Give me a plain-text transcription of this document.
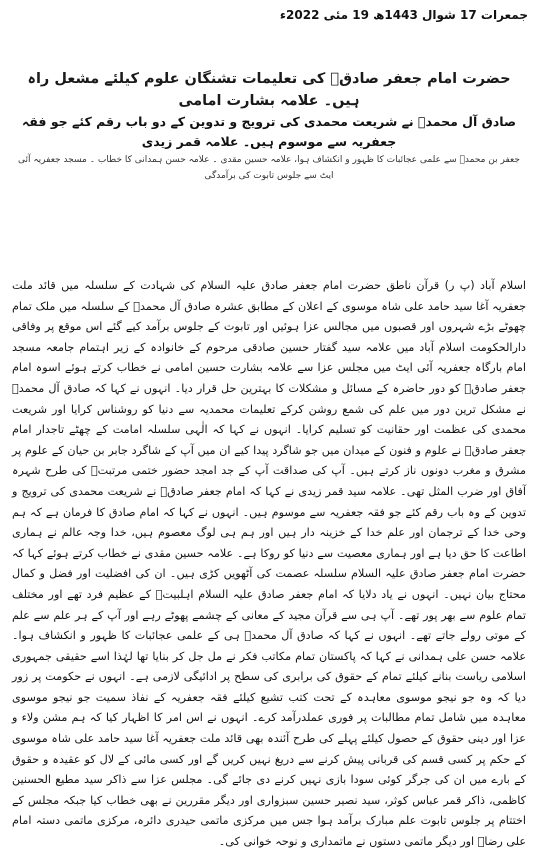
جمعرات 17 شوال 1443ھ 19 مئی 2022ء

حضرت امام جعفر صادقؑ کی تعلیمات تشنگان علوم کیلئے مشعل راہ ہیں۔ علامہ بشارت امامی

صادق آل محمدؐ نے شریعت محمدی کی ترویج و تدوین کے دو باب رقم کئے جو فقہ جعفریہ سے موسوم ہیں۔ علامہ قمر زیدی

جعفر بن محمدؑ سے علمی عجائبات کا ظہور و انکشاف ہوا، علامہ حسین مقدی ۔ علامہ حسن ہمدانی کا خطاب ۔ مسجد جعفریہ آئی ایٹ سے جلوس تابوت کی برآمدگی

اسلام آباد (پ ر) قرآن ناطق حضرت امام جعفر صادق علیہ السلام کی شہادت کے سلسلہ میں قائد ملت جعفریہ آغا سید حامد علی شاہ موسوی کے اعلان کے مطابق عشرہ صادق آل محمدؐ کے سلسلہ میں ملک تمام چھوٹے بڑے شہروں اور قصبوں میں مجالس عزا ہوئیں اور تابوت کے جلوس برآمد کیے گئے اس موقع پر وفاقی دارالحکومت اسلام آباد میں علامہ سید گفتار حسین صادقی مرحوم کے خانوادہ کے زیر اہتمام جامعہ مسجد امام بارگاہ جعفریہ آئی ایٹ میں مجلس عزا سے علامہ بشارت حسین امامی نے خطاب کرتے ہوئے اسوہ امام جعفر صادقؑ کو دور حاضرہ کے مسائل و مشکلات کا بہترین حل قرار دیا۔ انہوں نے کہا کہ صادق آل محمدؐ نے مشکل ترین دور میں علم کی شمع روشن کرکے تعلیمات محمدیہ سے دنیا کو روشناس کرایا اور شریعت محمدی کی عظمت اور حقانیت کو تسلیم کرایا۔ انہوں نے کہا کہ الٰہی سلسلہ امامت کے چھٹے تاجدار امام جعفر صادقؑ نے علوم و فنون کے میدان میں جو شاگرد پیدا کیے ان میں آپ کے شاگرد جابر بن حیان کے علوم پر مشرق و مغرب دونوں ناز کرتے ہیں۔ آپ کی صداقت آپ کے جد امجد حضور ختمی مرتبتؐ کی طرح شہرہ آفاق اور ضرب المثل تھی۔ علامہ سید قمر زیدی نے کہا کہ امام جعفر صادقؑ نے شریعت محمدی کی ترویج و تدوین کے وہ باب رقم کئے جو فقہ جعفریہ سے موسوم ہیں۔ انہوں نے کہا کہ امام صادق کا فرمان ہے کہ ہم وحی خدا کے ترجمان اور علم خدا کے خزینہ دار ہیں اور ہم ہی لوگ معصوم ہیں، خدا وجہ عالم نے ہماری اطاعت کا حق دیا ہے اور ہماری معصیت سے دنیا کو روکا ہے۔ علامہ حسین مقدی نے خطاب کرتے ہوئے کہا کہ حضرت امام جعفر صادق علیہ السلام سلسلہ عصمت کی آٹھویں کڑی ہیں۔ ان کی افضلیت اور فضل و کمال محتاج بیان نہیں۔ انہوں نے یاد دلایا کہ امام جعفر صادق علیہ السلام اہلبیتؑ کے عظیم فرد تھے اور مختلف تمام علوم سے بھر پور تھے۔ آپ ہی سے قرآن مجید کے معانی کے چشمے پھوٹے رہے اور آپ کے ہر علم سے علم کے موتی رولے جاتے تھے۔ انہوں نے کہا کہ صادق آل محمدؐ ہی کے علمی عجائبات کا ظہور و انکشاف ہوا۔ علامہ حسن علی ہمدانی نے کہا کہ پاکستان تمام مکاتب فکر نے مل جل کر بنایا تھا لہٰذا اسے حقیقی جمہوری اسلامی ریاست بنانے کیلئے تمام کے حقوق کی برابری کی سطح پر ادائیگی لازمی ہے۔ انہوں نے حکومت پر زور دیا کہ وہ جو نیجو موسوی معاہدہ کے تحت کتب تشیع کیلئے فقہ جعفریہ کے نفاذ سمیت جو نیجو موسوی معاہدہ میں شامل تمام مطالبات پر فوری عملدرآمد کرے۔ انہوں نے اس امر کا اظہار کیا کہ ہم مشن ولاء و عزا اور دینی حقوق کے حصول کیلئے پہلے کی طرح آئندہ بھی قائد ملت جعفریہ آغا سید حامد علی شاہ موسوی کے حکم پر کسی قسم کی قربانی پیش کرنے سے دریغ نہیں کریں گے اور کسی مائی کے لال کو عقیدہ و حقوق کے بارے میں ان کی جرگر کوئی سودا بازی نہیں کرنے دی جائے گی۔ مجلس عزا سے ذاکر سید مطیع الحسنین کاظمی، ذاکر قمر عباس کوثر، سید نصیر حسین سبزواری اور دیگر مقررین نے بھی خطاب کیا جبکہ مجلس کے اختتام پر جلوس تابوت علم مبارک برآمد ہوا جس میں مرکزی ماتمی حیدری دائرہ، مرکزی ماتمی دستہ امام علی رضاؑ اور دیگر ماتمی دستوں نے ماتمداری و نوحہ خوانی کی۔
